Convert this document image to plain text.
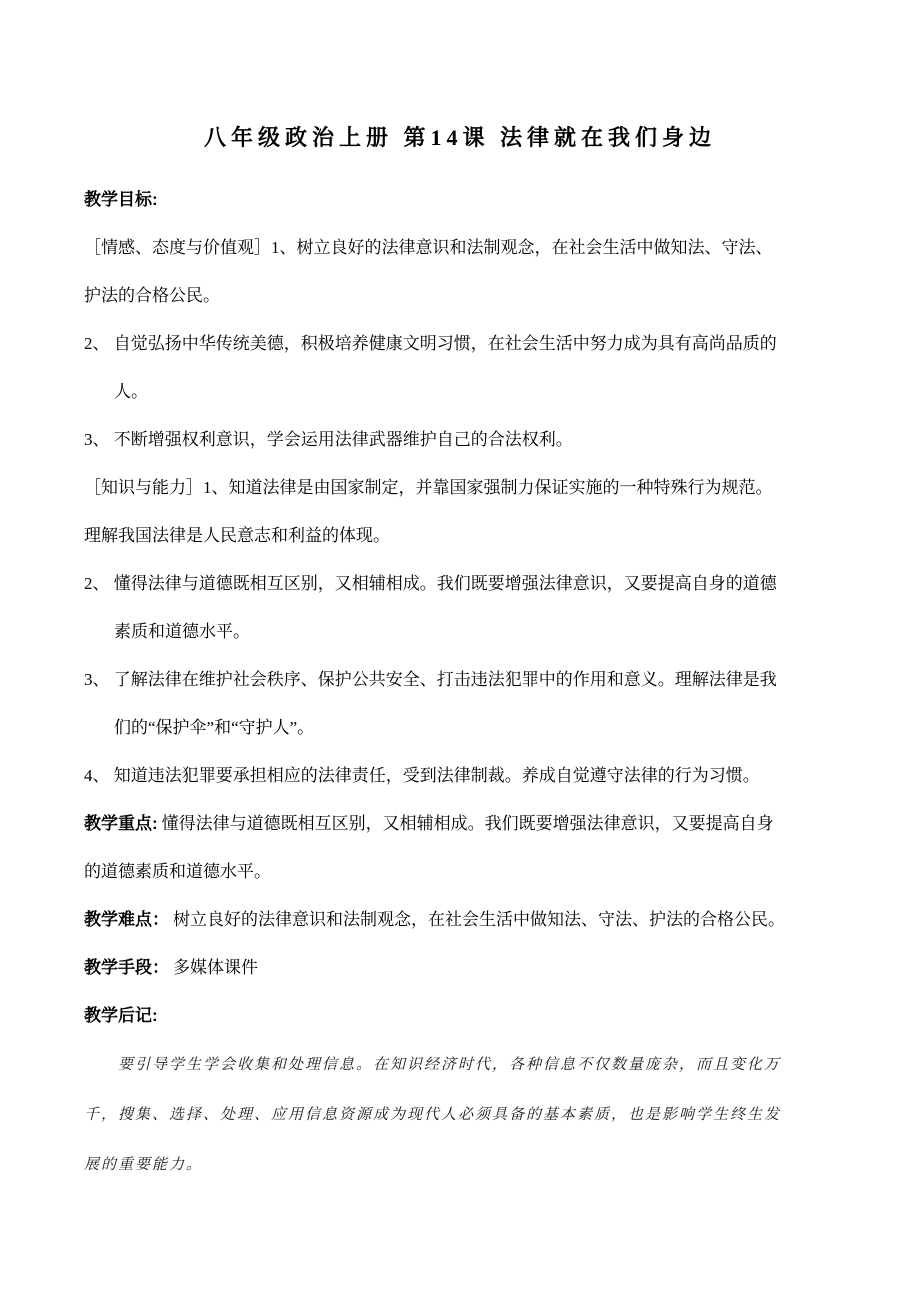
八年级政治上册 第14课 法律就在我们身边
教学目标:
［情感、态度与价值观］1、树立良好的法律意识和法制观念，在社会生活中做知法、守法、
护法的合格公民。
2、 自觉弘扬中华传统美德，积极培养健康文明习惯，在社会生活中努力成为具有高尚品质的
人。
3、 不断增强权利意识，学会运用法律武器维护自己的合法权利。
［知识与能力］1、知道法律是由国家制定，并靠国家强制力保证实施的一种特殊行为规范。
理解我国法律是人民意志和利益的体现。
2、 懂得法律与道德既相互区别，又相辅相成。我们既要增强法律意识，又要提高自身的道德
素质和道德水平。
3、 了解法律在维护社会秩序、保护公共安全、打击违法犯罪中的作用和意义。理解法律是我
们的“保护伞”和“守护人”。
4、 知道违法犯罪要承担相应的法律责任，受到法律制裁。养成自觉遵守法律的行为习惯。
教学重点: 懂得法律与道德既相互区别，又相辅相成。我们既要增强法律意识，又要提高自身
的道德素质和道德水平。
教学难点： 树立良好的法律意识和法制观念，在社会生活中做知法、守法、护法的合格公民。
教学手段： 多媒体课件
教学后记:
要引导学生学会收集和处理信息。在知识经济时代，各种信息不仅数量庞杂，而且变化万
千，搜集、选择、处理、应用信息资源成为现代人必须具备的基本素质，也是影响学生终生发
展的重要能力。
